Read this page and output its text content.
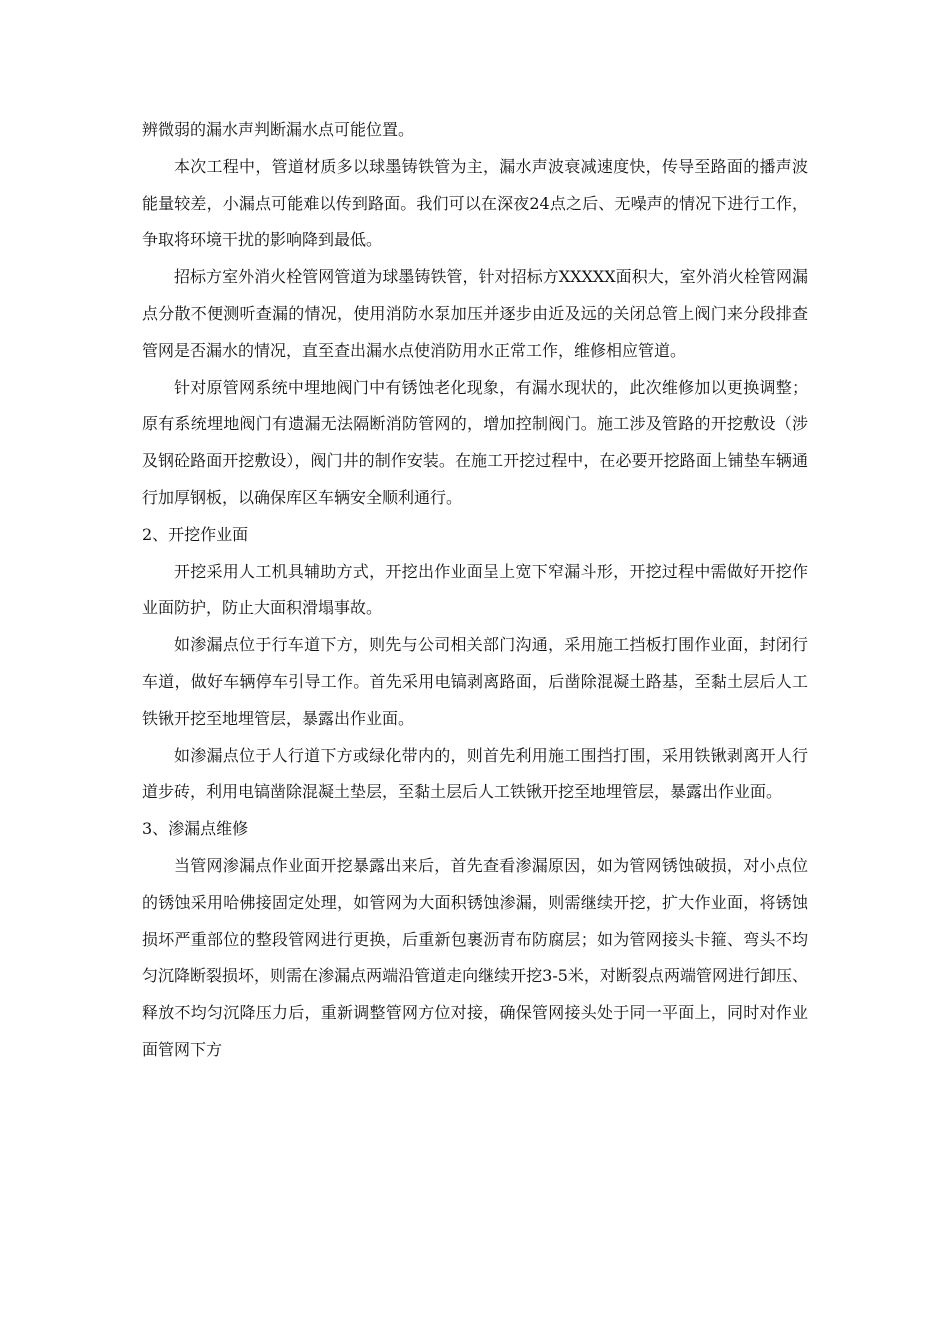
辨微弱的漏水声判断漏水点可能位置。

本次工程中，管道材质多以球墨铸铁管为主，漏水声波衰减速度快，传导至路面的播声波能量较差，小漏点可能难以传到路面。我们可以在深夜24点之后、无噪声的情况下进行工作，争取将环境干扰的影响降到最低。

招标方室外消火栓管网管道为球墨铸铁管，针对招标方XXXXX面积大，室外消火栓管网漏点分散不便测听查漏的情况，使用消防水泵加压并逐步由近及远的关闭总管上阀门来分段排查管网是否漏水的情况，直至查出漏水点使消防用水正常工作，维修相应管道。

针对原管网系统中埋地阀门中有锈蚀老化现象，有漏水现状的，此次维修加以更换调整；原有系统埋地阀门有遗漏无法隔断消防管网的，增加控制阀门。施工涉及管路的开挖敷设（涉及钢砼路面开挖敷设），阀门井的制作安装。在施工开挖过程中，在必要开挖路面上铺垫车辆通行加厚钢板，以确保库区车辆安全顺利通行。

2、开挖作业面

开挖采用人工机具辅助方式，开挖出作业面呈上宽下窄漏斗形，开挖过程中需做好开挖作业面防护，防止大面积滑塌事故。

如渗漏点位于行车道下方，则先与公司相关部门沟通，采用施工挡板打围作业面，封闭行车道，做好车辆停车引导工作。首先采用电镐剥离路面，后凿除混凝土路基，至黏土层后人工铁锹开挖至地埋管层，暴露出作业面。

如渗漏点位于人行道下方或绿化带内的，则首先利用施工围挡打围，采用铁锹剥离开人行道步砖，利用电镐凿除混凝土垫层，至黏土层后人工铁锹开挖至地埋管层，暴露出作业面。

3、渗漏点维修

当管网渗漏点作业面开挖暴露出来后，首先查看渗漏原因，如为管网锈蚀破损，对小点位的锈蚀采用哈佛接固定处理，如管网为大面积锈蚀渗漏，则需继续开挖，扩大作业面，将锈蚀损坏严重部位的整段管网进行更换，后重新包裹沥青布防腐层；如为管网接头卡箍、弯头不均匀沉降断裂损坏，则需在渗漏点两端沿管道走向继续开挖3-5米，对断裂点两端管网进行卸压、释放不均匀沉降压力后，重新调整管网方位对接，确保管网接头处于同一平面上，同时对作业面管网下方
